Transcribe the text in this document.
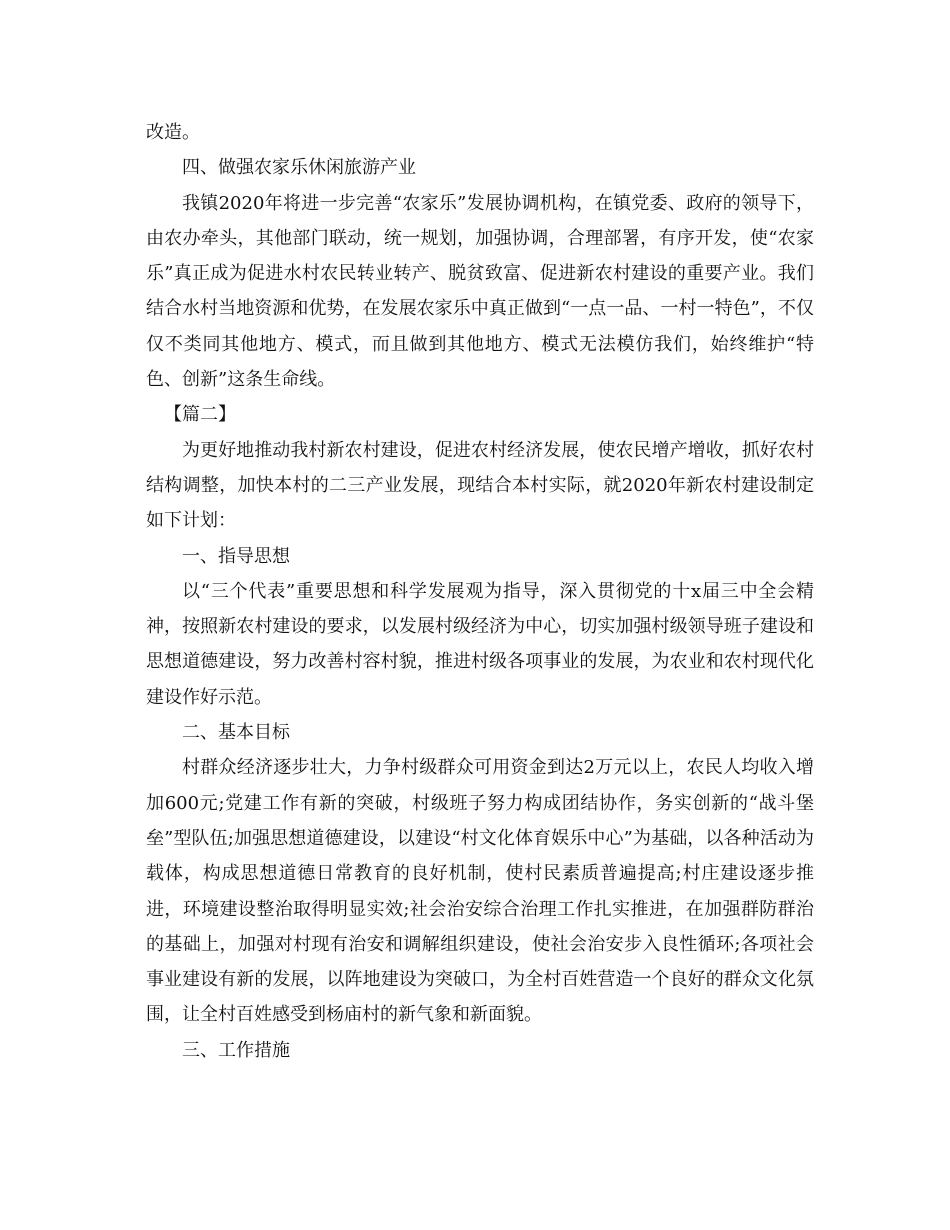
改造。

四、做强农家乐休闲旅游产业

我镇2020年将进一步完善“农家乐”发展协调机构，在镇党委、政府的领导下，由农办牵头，其他部门联动，统一规划，加强协调，合理部署，有序开发，使“农家乐”真正成为促进水村农民转业转产、脱贫致富、促进新农村建设的重要产业。我们结合水村当地资源和优势，在发展农家乐中真正做到“一点一品、一村一特色”，不仅仅不类同其他地方、模式，而且做到其他地方、模式无法模仿我们，始终维护“特色、创新”这条生命线。

【篇二】

为更好地推动我村新农村建设，促进农村经济发展，使农民增产增收，抓好农村结构调整，加快本村的二三产业发展，现结合本村实际，就2020年新农村建设制定如下计划：

一、指导思想

以“三个代表”重要思想和科学发展观为指导，深入贯彻党的十x届三中全会精神，按照新农村建设的要求，以发展村级经济为中心，切实加强村级领导班子建设和思想道德建设，努力改善村容村貌，推进村级各项事业的发展，为农业和农村现代化建设作好示范。

二、基本目标

村群众经济逐步壮大，力争村级群众可用资金到达2万元以上，农民人均收入增加600元;党建工作有新的突破，村级班子努力构成团结协作，务实创新的“战斗堡垒”型队伍;加强思想道德建设，以建设“村文化体育娱乐中心”为基础，以各种活动为载体，构成思想道德日常教育的良好机制，使村民素质普遍提高;村庄建设逐步推进，环境建设整治取得明显实效;社会治安综合治理工作扎实推进，在加强群防群治的基础上，加强对村现有治安和调解组织建设，使社会治安步入良性循环;各项社会事业建设有新的发展，以阵地建设为突破口，为全村百姓营造一个良好的群众文化氛围，让全村百姓感受到杨庙村的新气象和新面貌。

三、工作措施
